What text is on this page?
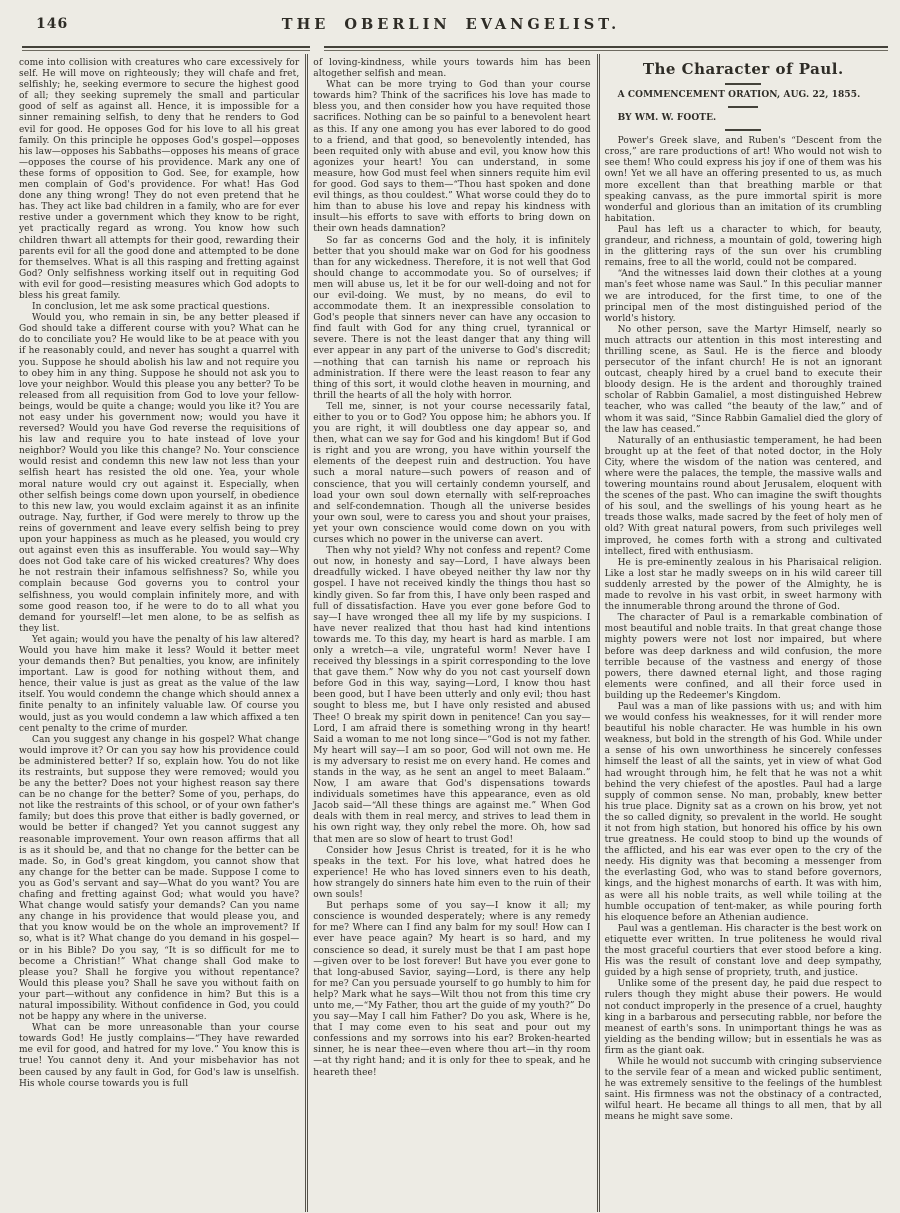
146	THE OBERLIN EVANGELIST.

come into collision with creatures who care excessively for self. He will move on righteously; they will chafe and fret, selfishly; he, seeking evermore to secure the highest good of all; they seeking supremely the small and particular good of self as against all. Hence, it is impossible for a sinner remaining selfish, to deny that he renders to God evil for good. He opposes God for his love to all his great family. On this principle he opposes God's gospel—opposes his law—opposes his Sabbaths—opposes his means of grace—opposes the course of his providence. Mark any one of these forms of opposition to God. See, for example, how men complain of God's providence. For what! Has God done any thing wrong! They do not even pretend that he has. They act like bad children in a family, who are for ever restive under a government which they know to be right, yet practically regard as wrong. You know how such children thwart all attempts for their good, rewarding their parents evil for all the good done and attempted to be done for themselves. What is all this rasping and fretting against God? Only selfishness working itself out in requiting God with evil for good—resisting measures which God adopts to bless his great family.

In conclusion, let me ask some practical questions.

Would you, who remain in sin, be any better pleased if God should take a different course with you? What can he do to conciliate you? He would like to be at peace with you if he reasonably could, and never has sought a quarrel with you. Suppose he should abolish his law and not require you to obey him in any thing. Suppose he should not ask you to love your neighbor. Would this please you any better? To be released from all requisition from God to love your fellow-beings, would be quite a change; would you like it? You are not easy under his government now; would you have it reversed? Would you have God reverse the requisitions of his law and require you to hate instead of love your neighbor? Would you like this change? No. Your conscience would resist and condemn this new law not less than your selfish heart has resisted the old one. Yea, your whole moral nature would cry out against it. Especially, when other selfish beings come down upon yourself, in obedience to this new law, you would exclaim against it as an infinite outrage. Nay, further, if God were merely to throw up the reins of government and leave every selfish being to prey upon your happiness as much as he pleased, you would cry out against even this as insufferable. You would say—Why does not God take care of his wicked creatures? Why does he not restrain their infamous selfishness? So, while you complain because God governs you to control your selfishness, you would complain infinitely more, and with some good reason too, if he were to do to all what you demand for yourself!—let men alone, to be as selfish as they list.

Yet again; would you have the penalty of his law altered? Would you have him make it less? Would it better meet your demands then? But penalties, you know, are infinitely important. Law is good for nothing without them, and hence, their value is just as great as the value of the law itself. You would condemn the change which should annex a finite penalty to an infinitely valuable law. Of course you would, just as you would condemn a law which affixed a ten cent penalty to the crime of murder.

Can you suggest any change in his gospel? What change would improve it? Or can you say how his providence could be administered better? If so, explain how. You do not like its restraints, but suppose they were removed; would you be any the better? Does not your highest reason say there can be no change for the better? Some of you, perhaps, do not like the restraints of this school, or of your own father's family; but does this prove that either is badly governed, or would be better if changed? Yet you cannot suggest any reasonable improvement. Your own reason affirms that all is as it should be, and that no change for the better can be made. So, in God's great kingdom, you cannot show that any change for the better can be made. Suppose I come to you as God's servant and say—What do you want? You are chafing and fretting against God; what would you have? What change would satisfy your demands? Can you name any change in his providence that would please you, and that you know would be on the whole an improvement? If so, what is it? What change do you demand in his gospel—or in his Bible? Do you say, “It is so difficult for me to become a Christian!” What change shall God make to please you? Shall he forgive you without repentance? Would this please you? Shall he save you without faith on your part—without any confidence in him? But this is a natural impossibility. Without confidence in God, you could not be happy any where in the universe.

What can be more unreasonable than your course towards God! He justly complains—“They have rewarded me evil for good, and hatred for my love.” You know this is true! You cannot deny it. And your misbehavior has not been caused by any fault in God, for God's law is unselfish. His whole course towards you is full

of loving-kindness, while yours towards him has been altogether selfish and mean.

What can be more trying to God than your course towards him? Think of the sacrifices his love has made to bless you, and then consider how you have requited those sacrifices. Nothing can be so painful to a benevolent heart as this. If any one among you has ever labored to do good to a friend, and that good, so benevolently intended, has been requited only with abuse and evil, you know how this agonizes your heart! You can understand, in some measure, how God must feel when sinners requite him evil for good. God says to them—“Thou hast spoken and done evil things, as thou couldest.” What worse could they do to him than to abuse his love and repay his kindness with insult—his efforts to save with efforts to bring down on their own heads damnation?

So far as concerns God and the holy, it is infinitely better that you should make war on God for his goodness than for any wickedness. Therefore, it is not well that God should change to accommodate you. So of ourselves; if men will abuse us, let it be for our well-doing and not for our evil-doing. We must, by no means, do evil to accommodate them. It an inexpressible consolation to God's people that sinners never can have any occasion to find fault with God for any thing cruel, tyrannical or severe. There is not the least danger that any thing will ever appear in any part of the universe to God's discredit;—nothing that can tarnish his name or reproach his administration. If there were the least reason to fear any thing of this sort, it would clothe heaven in mourning, and thrill the hearts of all the holy with horror.

Tell me, sinner, is not your course necessarily fatal, either to you or to God? You oppose him; he abhors you. If you are right, it will doubtless one day appear so, and then, what can we say for God and his kingdom! But if God is right and you are wrong, you have within yourself the elements of the deepest ruin and destruction. You have such a moral nature—such powers of reason and of conscience, that you will certainly condemn yourself, and load your own soul down eternally with self-reproaches and self-condemnation. Though all the universe besides your own soul, were to caress you and shout your praises, yet your own conscience would come down on you with curses which no power in the universe can avert.

Then why not yield? Why not confess and repent? Come out now, in honesty and say—Lord, I have always been dreadfully wicked. I have obeyed neither thy law nor thy gospel. I have not received kindly the things thou hast so kindly given. So far from this, I have only been rasped and full of dissatisfaction. Have you ever gone before God to say—I have wronged thee all my life by my suspicions. I have never realized that thou hast had kind intentions towards me. To this day, my heart is hard as marble. I am only a wretch—a vile, ungrateful worm! Never have I received thy blessings in a spirit corresponding to the love that gave them.” Now why do you not cast yourself down before God in this way, saying—Lord, I know thou hast been good, but I have been utterly and only evil; thou hast sought to bless me, but I have only resisted and abused Thee! O break my spirit down in penitence! Can you say—Lord, I am afraid there is something wrong in thy heart! Said a woman to me not long since—“God is not my father. My heart will say—I am so poor, God will not own me. He is my adversary to resist me on every hand. He comes and stands in the way, as he sent an angel to meet Balaam.” Now, I am aware that God's dispensations towards individuals sometimes have this appearance, even as old Jacob said—“All these things are against me.” When God deals with them in real mercy, and strives to lead them in his own right way, they only rebel the more. Oh, how sad that men are so slow of heart to trust God!

Consider how Jesus Christ is treated, for it is he who speaks in the text. For his love, what hatred does he experience! He who has loved sinners even to his death, how strangely do sinners hate him even to the ruin of their own souls!

But perhaps some of you say—I know it all; my conscience is wounded desperately; where is any remedy for me? Where can I find any balm for my soul! How can I ever have peace again? My heart is so hard, and my conscience so dead, it surely must be that I am past hope—given over to be lost forever! But have you ever gone to that long-abused Savior, saying—Lord, is there any help for me? Can you persuade yourself to go humbly to him for help? Mark what he says—Wilt thou not from this time cry unto me,—“My Father, thou art the guide of my youth?” Do you say—May I call him Father? Do you ask, Where is he, that I may come even to his seat and pour out my confessions and my sorrows into his ear? Broken-hearted sinner, he is near thee—even where thou art—in thy room—at thy right hand; and it is only for thee to speak, and he heareth thee!

The Character of Paul.

A COMMENCEMENT ORATION, AUG. 22, 1855.

BY WM. W. FOOTE.

Power's Greek slave, and Ruben's “Descent from the cross,” are rare productions of art! Who would not wish to see them! Who could express his joy if one of them was his own! Yet we all have an offering presented to us, as much more excellent than that breathing marble or that speaking canvass, as the pure immortal spirit is more wonderful and glorious than an imitation of its crumbling habitation.

Paul has left us a character to which, for beauty, grandeur, and richness, a mountain of gold, towering high in the glittering rays of the sun over his crumbling remains, free to all the world, could not be compared.

“And the witnesses laid down their clothes at a young man's feet whose name was Saul.” In this peculiar manner we are introduced, for the first time, to one of the principal men of the most distinguished period of the world's history.

No other person, save the Martyr Himself, nearly so much attracts our attention in this most interesting and thrilling scene, as Saul. He is the fierce and bloody persecutor of the infant church! He is not an ignorant outcast, cheaply hired by a cruel band to execute their bloody design. He is the ardent and thoroughly trained scholar of Rabbin Gamaliel, a most distinguished Hebrew teacher, who was called “the beauty of the law,” and of whom it was said, “Since Rabbin Gamaliel died the glory of the law has ceased.”

Naturally of an enthusiastic temperament, he had been brought up at the feet of that noted doctor, in the Holy City, where the wisdom of the nation was centered, and where were the palaces, the temple, the massive walls and towering mountains round about Jerusalem, eloquent with the scenes of the past. Who can imagine the swift thoughts of his soul, and the swellings of his young heart as he treads those walks, made sacred by the feet of holy men of old? With great natural powers, from such privileges well improved, he comes forth with a strong and cultivated intellect, fired with enthusiasm.

He is pre-eminently zealous in his Pharisaical religion. Like a lost star he madly sweeps on in his wild career till suddenly arrested by the power of the Almighty, he is made to revolve in his vast orbit, in sweet harmony with the innumerable throng around the throne of God.

The character of Paul is a remarkable combination of most beautiful and noble traits. In that great change those mighty powers were not lost nor impaired, but where before was deep darkness and wild confusion, the more terrible because of the vastness and energy of those powers, there dawned eternal light, and those raging elements were confined, and all their force used in building up the Redeemer's Kingdom.

Paul was a man of like passions with us; and with him we would confess his weaknesses, for it will render more beautiful his noble character. He was humble in his own weakness, but bold in the strength of his God. While under a sense of his own unworthiness he sincerely confesses himself the least of all the saints, yet in view of what God had wrought through him, he felt that he was not a whit behind the very chiefest of the apostles. Paul had a large supply of common sense. No man, probably, knew better his true place. Dignity sat as a crown on his brow, yet not the so called dignity, so prevalent in the world. He sought it not from high station, but honored his office by his own true greatness. He could stoop to bind up the wounds of the afflicted, and his ear was ever open to the cry of the needy. His dignity was that becoming a messenger from the everlasting God, who was to stand before governors, kings, and the highest monarchs of earth. It was with him, as were all his noble traits, as well while toiling at the humble occupation of tent-maker, as while pouring forth his eloquence before an Athenian audience.

Paul was a gentleman. His character is the best work on etiquette ever written. In true politeness he would rival the most graceful courtiers that ever stood before a king. His was the result of constant love and deep sympathy, guided by a high sense of propriety, truth, and justice.

Unlike some of the present day, he paid due respect to rulers though they might abuse their powers. He would not conduct improperly in the presence of a cruel, haughty king in a barbarous and persecuting rabble, nor before the meanest of earth's sons. In unimportant things he was as yielding as the bending willow; but in essentials he was as firm as the giant oak.

While he would not succumb with cringing subservience to the servile fear of a mean and wicked public sentiment, he was extremely sensitive to the feelings of the humblest saint. His firmness was not the obstinacy of a contracted, wilful heart. He became all things to all men, that by all means he might save some.
